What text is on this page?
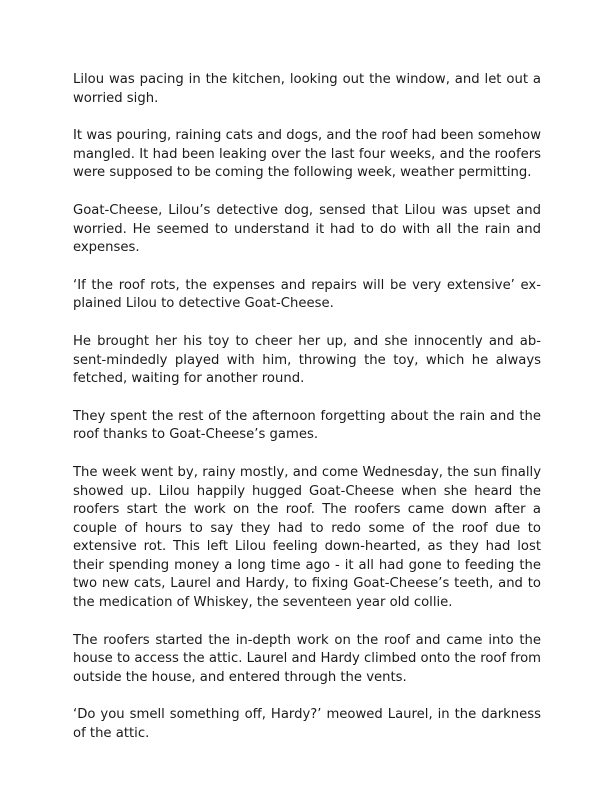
Lilou was pacing in the kitchen, looking out the window, and let out a worried sigh.

It was pouring, raining cats and dogs, and the roof had been somehow mangled. It had been leaking over the last four weeks, and the roofers were supposed to be coming the following week, weather permitting.

Goat-Cheese, Lilou’s detective dog, sensed that Lilou was upset and worried. He seemed to understand it had to do with all the rain and expenses.

‘If the roof rots, the expenses and repairs will be very extensive’ explained Lilou to detective Goat-Cheese.

He brought her his toy to cheer her up, and she innocently and absent-mindedly played with him, throwing the toy, which he always fetched, waiting for another round.

They spent the rest of the afternoon forgetting about the rain and the roof thanks to Goat-Cheese’s games.

The week went by, rainy mostly, and come Wednesday, the sun finally showed up. Lilou happily hugged Goat-Cheese when she heard the roofers start the work on the roof. The roofers came down after a couple of hours to say they had to redo some of the roof due to extensive rot. This left Lilou feeling down-hearted, as they had lost their spending money a long time ago - it all had gone to feeding the two new cats, Laurel and Hardy, to fixing Goat-Cheese’s teeth, and to the medication of Whiskey, the seventeen year old collie.

The roofers started the in-depth work on the roof and came into the house to access the attic. Laurel and Hardy climbed onto the roof from outside the house, and entered through the vents.

‘Do you smell something off, Hardy?’ meowed Laurel, in the darkness of the attic.
